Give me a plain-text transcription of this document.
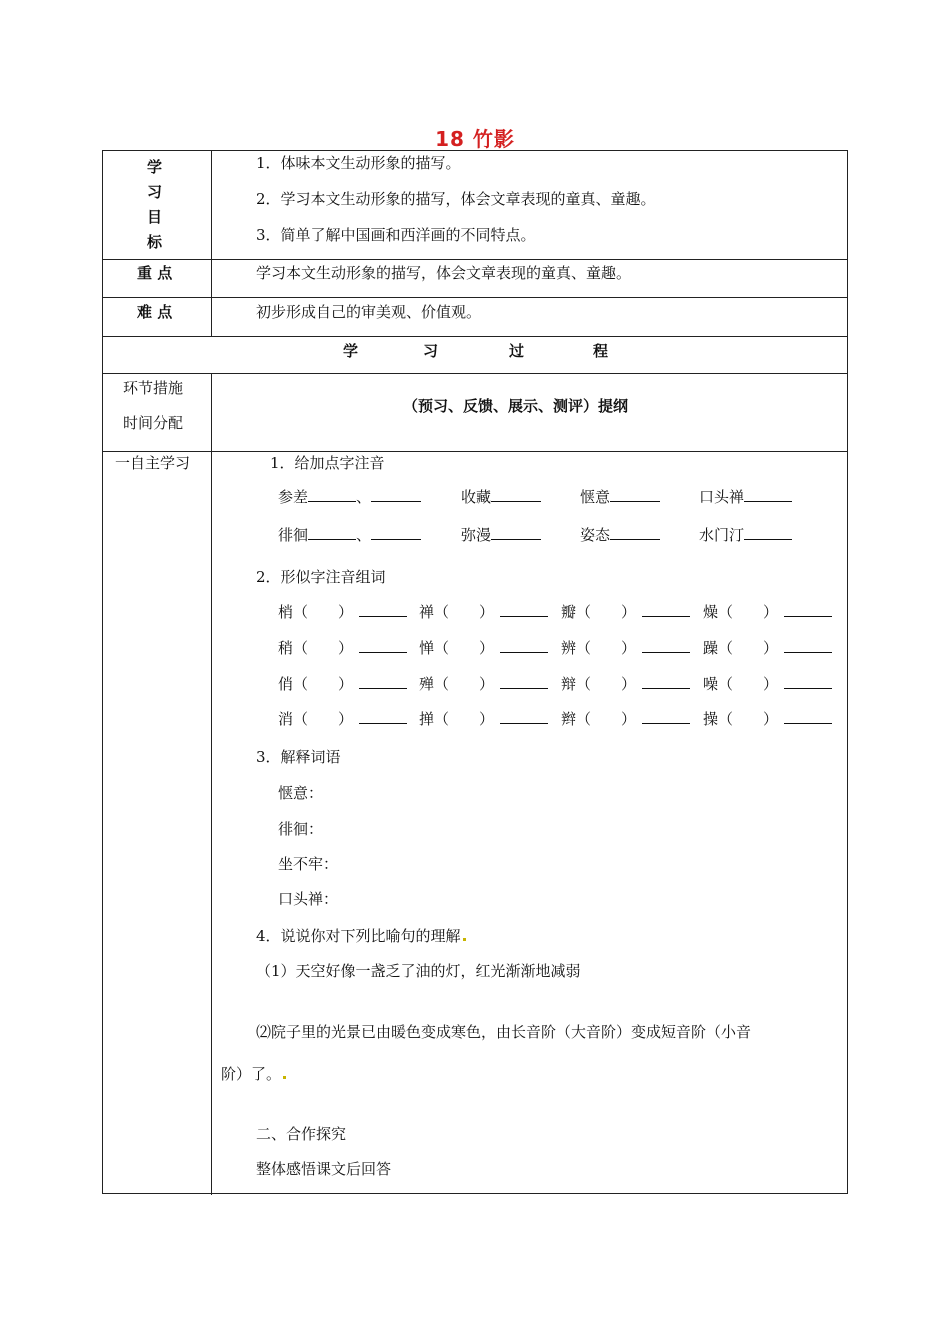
18 竹影
学
习
目
标
1．体味本文生动形象的描写。
2．学习本文生动形象的描写，体会文章表现的童真、童趣。
3．简单了解中国画和西洋画的不同特点。
重 点	学习本文生动形象的描写，体会文章表现的童真、童趣。
难 点	初步形成自己的审美观、价值观。
学	习	过	程
环节措施
时间分配
（预习、反馈、展示、测评）提纲
一自主学习	1．给加点字注音
参差	、	收藏	惬意	口头禅
徘徊	、	弥漫	姿态	水门汀
2．形似字注音组词
梢（　　）	禅（　　）	瓣（　　）	燥（　　）
稍（　　）	惮（　　）	辨（　　）	躁（　　）
俏（　　）	殚（　　）	辩（　　）	噪（　　）
消（　　）	掸（　　）	辫（　　）	操（　　）
3．解释词语
惬意：
徘徊：
坐不牢：
口头禅：
4．说说你对下列比喻句的理解
（1）天空好像一盏乏了油的灯，红光渐渐地减弱
⑵院子里的光景已由暖色变成寒色，由长音阶（大音阶）变成短音阶（小音
阶）了。
二、合作探究
整体感悟课文后回答
